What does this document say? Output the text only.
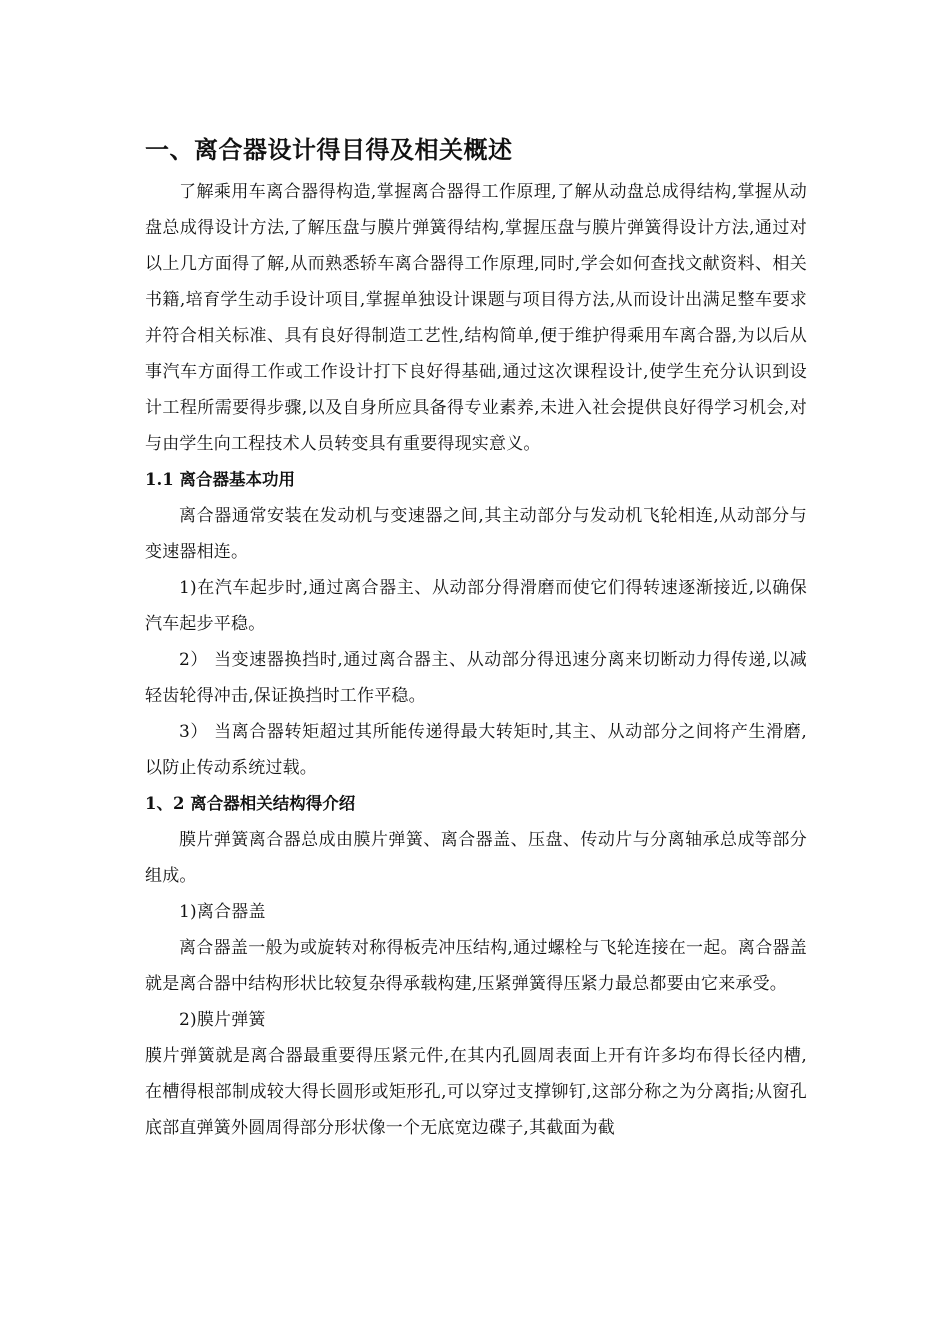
一、离合器设计得目得及相关概述

了解乘用车离合器得构造,掌握离合器得工作原理,了解从动盘总成得结构,掌握从动盘总成得设计方法,了解压盘与膜片弹簧得结构,掌握压盘与膜片弹簧得设计方法,通过对以上几方面得了解,从而熟悉轿车离合器得工作原理,同时,学会如何查找文献资料、相关书籍,培育学生动手设计项目,掌握单独设计课题与项目得方法,从而设计出满足整车要求并符合相关标准、具有良好得制造工艺性,结构简单,便于维护得乘用车离合器,为以后从事汽车方面得工作或工作设计打下良好得基础,通过这次课程设计,使学生充分认识到设计工程所需要得步骤,以及自身所应具备得专业素养,未进入社会提供良好得学习机会,对与由学生向工程技术人员转变具有重要得现实意义。

1.1 离合器基本功用

离合器通常安装在发动机与变速器之间,其主动部分与发动机飞轮相连,从动部分与变速器相连。

1)在汽车起步时,通过离合器主、从动部分得滑磨而使它们得转速逐渐接近,以确保汽车起步平稳。

2） 当变速器换挡时,通过离合器主、从动部分得迅速分离来切断动力得传递,以减轻齿轮得冲击,保证换挡时工作平稳。

3） 当离合器转矩超过其所能传递得最大转矩时,其主、从动部分之间将产生滑磨,以防止传动系统过载。

1、2 离合器相关结构得介绍

膜片弹簧离合器总成由膜片弹簧、离合器盖、压盘、传动片与分离轴承总成等部分组成。

1)离合器盖

离合器盖一般为或旋转对称得板壳冲压结构,通过螺栓与飞轮连接在一起。离合器盖就是离合器中结构形状比较复杂得承载构建,压紧弹簧得压紧力最总都要由它来承受。

2)膜片弹簧

膜片弹簧就是离合器最重要得压紧元件,在其内孔圆周表面上开有许多均布得长径内槽,在槽得根部制成较大得长圆形或矩形孔,可以穿过支撑铆钉,这部分称之为分离指;从窗孔底部直弹簧外圆周得部分形状像一个无底宽边碟子,其截面为截
